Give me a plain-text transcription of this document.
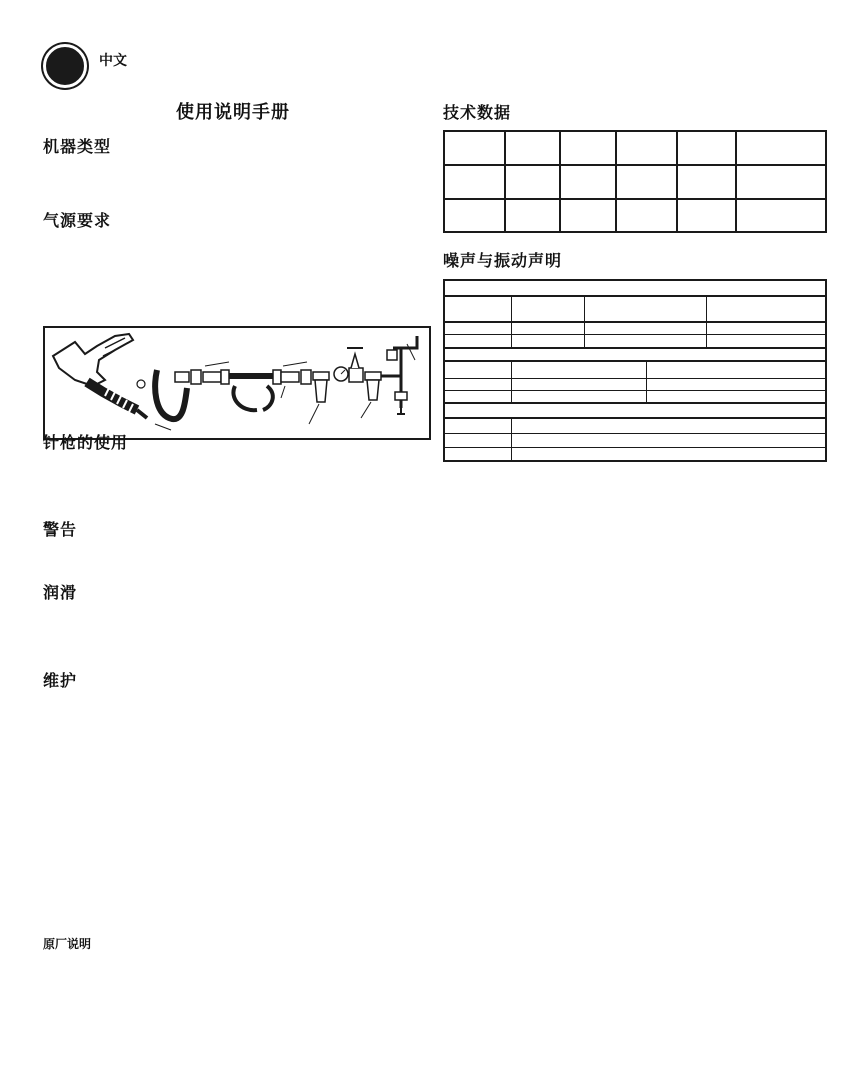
中文
使用说明手册
机器类型
气源要求
针枪的使用
警告
润滑
维护
原厂说明
技术数据

噪声与振动声明
